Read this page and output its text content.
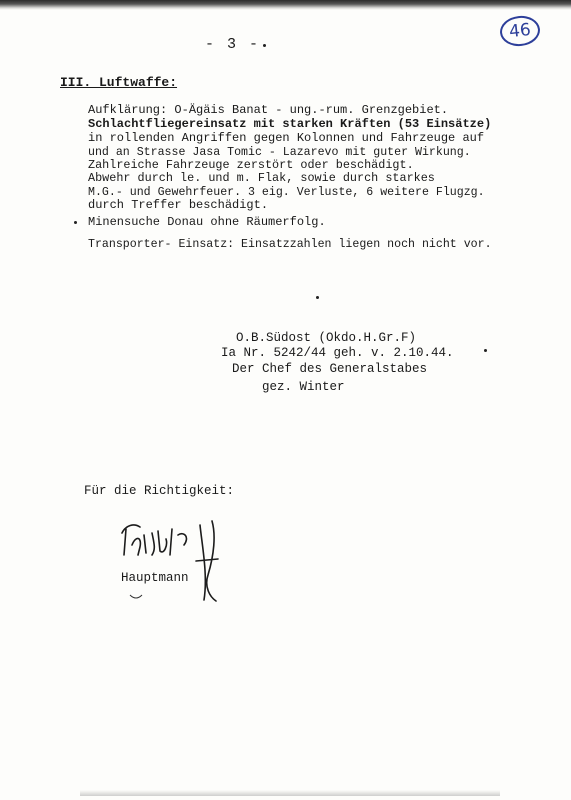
- 3 -
46
III. Luftwaffe:
Aufklärung: O-Ägäis Banat - ung.-rum. Grenzgebiet.
Schlachtfliegereinsatz mit starken Kräften (53 Einsätze)
in rollenden Angriffen gegen Kolonnen und Fahrzeuge auf
und an Strasse Jasa Tomic - Lazarevo mit guter Wirkung.
Zahlreiche Fahrzeuge zerstört oder beschädigt.
Abwehr durch le. und m. Flak, sowie durch starkes
M.G.- und Gewehrfeuer. 3 eig. Verluste, 6 weitere Flugzg.
durch Treffer beschädigt.
Minensuche Donau ohne Räumerfolg.
Transporter- Einsatz: Einsatzzahlen liegen noch nicht vor.
O.B.Südost (Okdo.H.Gr.F)
Ia Nr. 5242/44 geh. v. 2.10.44.
Der Chef des Generalstabes
gez. Winter
Für die Richtigkeit:
Hauptmann
